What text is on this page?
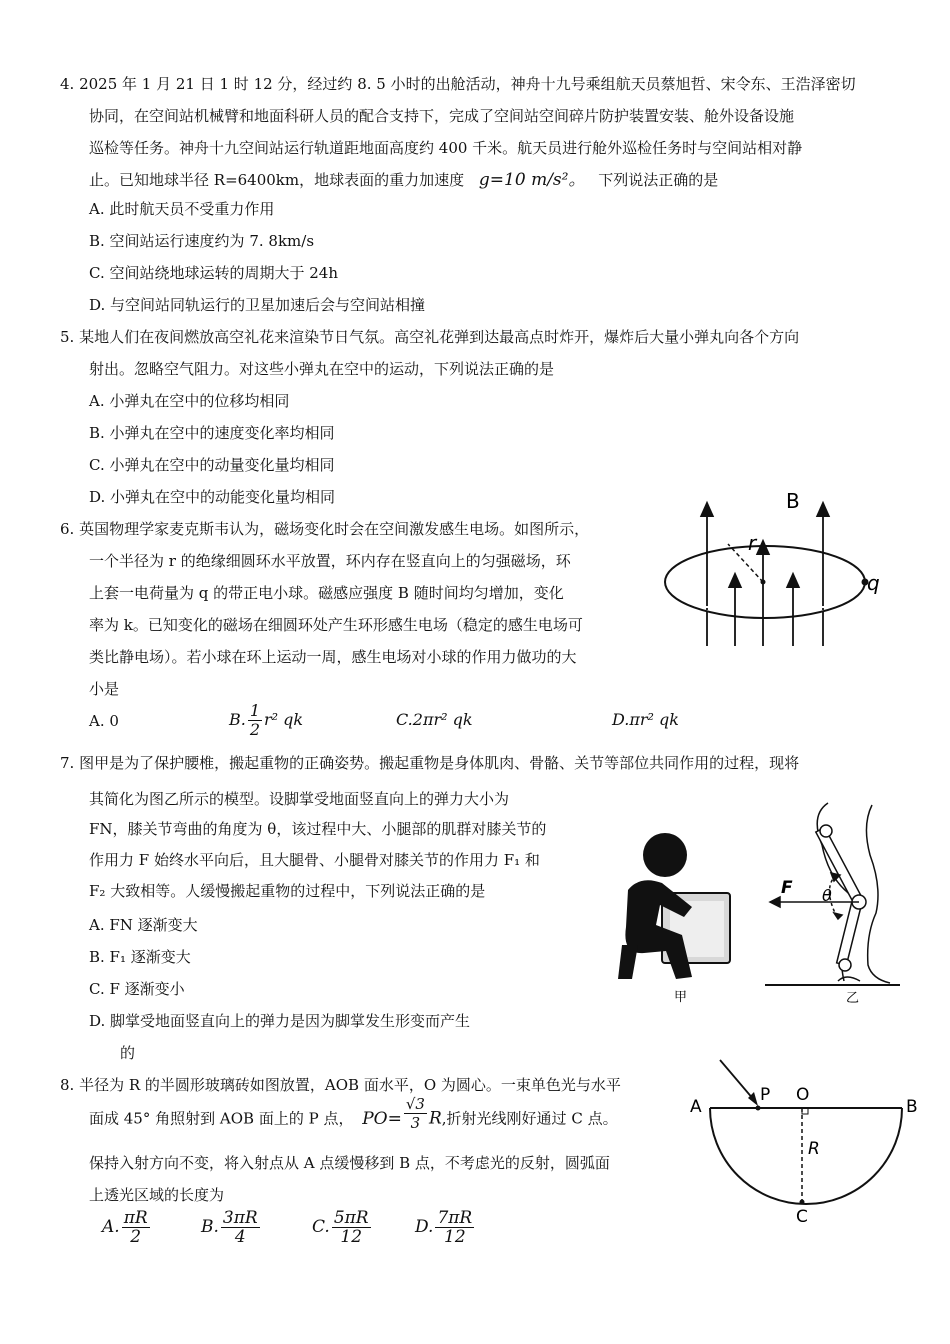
4. 2025 年 1 月 21 日 1 时 12 分，经过约 8. 5 小时的出舱活动，神舟十九号乘组航天员蔡旭哲、宋令东、王浩泽密切
协同，在空间站机械臂和地面科研人员的配合支持下，完成了空间站空间碎片防护装置安装、舱外设备设施
巡检等任务。神舟十九空间站运行轨道距地面高度约 400 千米。航天员进行舱外巡检任务时与空间站相对静
止。已知地球半径 R=6400km，地球表面的重力加速度 g=10 m/s²。 下列说法正确的是
A. 此时航天员不受重力作用
B. 空间站运行速度约为 7. 8km/s
C. 空间站绕地球运转的周期大于 24h
D. 与空间站同轨运行的卫星加速后会与空间站相撞
5. 某地人们在夜间燃放高空礼花来渲染节日气氛。高空礼花弹到达最高点时炸开，爆炸后大量小弹丸向各个方向
射出。忽略空气阻力。对这些小弹丸在空中的运动，下列说法正确的是
A. 小弹丸在空中的位移均相同
B. 小弹丸在空中的速度变化率均相同
C. 小弹丸在空中的动量变化量均相同
D. 小弹丸在空中的动能变化量均相同
6. 英国物理学家麦克斯韦认为，磁场变化时会在空间激发感生电场。如图所示，
一个半径为 r 的绝缘细圆环水平放置，环内存在竖直向上的匀强磁场，环
上套一电荷量为 q 的带正电小球。磁感应强度 B 随时间均匀增加，变化
率为 k。已知变化的磁场在细圆环处产生环形感生电场（稳定的感生电场可
类比静电场）。若小球在环上运动一周，感生电场对小球的作用力做功的大
小是
A. 0	B. $\frac{1}{2} r^2$ qk	C.2πr² qk	D.πr² qk
B
r
q
7. 图甲是为了保护腰椎，搬起重物的正确姿势。搬起重物是身体肌肉、骨骼、关节等部位共同作用的过程，现将
其简化为图乙所示的模型。设脚掌受地面竖直向上的弹力大小为
FN，膝关节弯曲的角度为 θ，该过程中大、小腿部的肌群对膝关节的
作用力 F 始终水平向后，且大腿骨、小腿骨对膝关节的作用力 F₁ 和
F₂ 大致相等。人缓慢搬起重物的过程中，下列说法正确的是
A. FN 逐渐变大
B. F₁ 逐渐变大
C. F 逐渐变小
D. 脚掌受地面竖直向上的弹力是因为脚掌发生形变而产生
的
甲
F θ
乙
8. 半径为 R 的半圆形玻璃砖如图放置，AOB 面水平，O 为圆心。一束单色光与水平
面成 45° 角照射到 AOB 面上的 P 点， $PO= \frac{√3}{3} R$,折射光线刚好通过 C 点。
保持入射方向不变，将入射点从 A 点缓慢移到 B 点，不考虑光的反射，圆弧面
上透光区域的长度为
A. $\frac{\pi R}{2}$	B. $\frac{3\pi R}{4}$	C. $\frac{5\pi R}{12}$	D. $\frac{7\pi R}{12}$
A
P O
B
R
C
